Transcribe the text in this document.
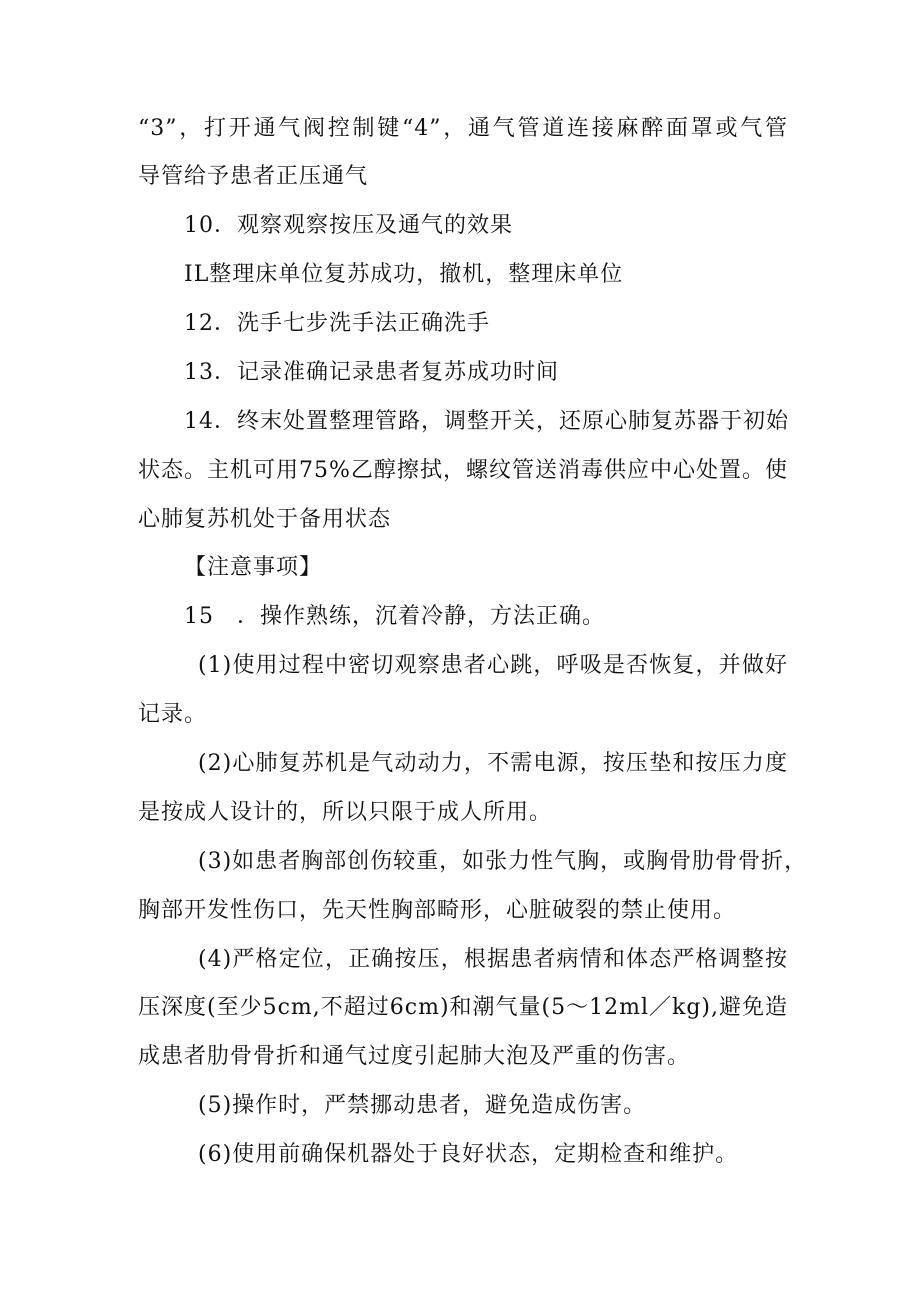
“3”，打开通气阀控制键“4”，通气管道连接麻醉面罩或气管
导管给予患者正压通气
10．观察观察按压及通气的效果
IL整理床单位复苏成功，撤机，整理床单位
12．洗手七步洗手法正确洗手
13．记录准确记录患者复苏成功时间
14．终末处置整理管路，调整开关，还原心肺复苏器于初始
状态。主机可用75%乙醇擦拭，螺纹管送消毒供应中心处置。使
心肺复苏机处于备用状态
【注意事项】
15　．操作熟练，沉着冷静，方法正确。
(1)使用过程中密切观察患者心跳，呼吸是否恢复，并做好
记录。
(2)心肺复苏机是气动动力，不需电源，按压垫和按压力度
是按成人设计的，所以只限于成人所用。
(3)如患者胸部创伤较重，如张力性气胸，或胸骨肋骨骨折，
胸部开发性伤口，先天性胸部畸形，心脏破裂的禁止使用。
(4)严格定位，正确按压，根据患者病情和体态严格调整按
压深度(至少5cm,不超过6cm)和潮气量(5～12ml／kg),避免造
成患者肋骨骨折和通气过度引起肺大泡及严重的伤害。
(5)操作时，严禁挪动患者，避免造成伤害。
(6)使用前确保机器处于良好状态，定期检查和维护。
